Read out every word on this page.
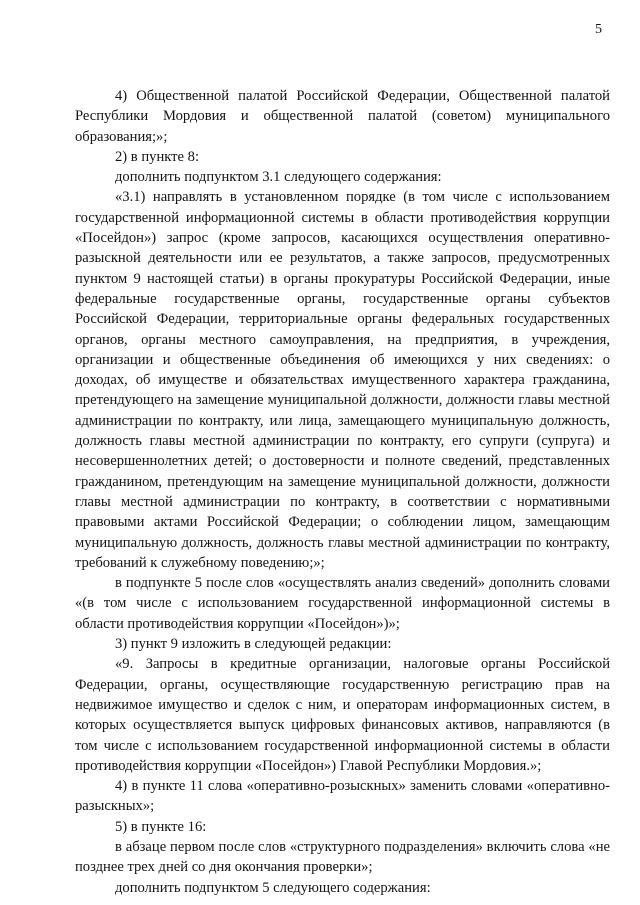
5

4) Общественной палатой Российской Федерации, Общественной палатой Республики Мордовия и общественной палатой (советом) муниципального образования;»;

2) в пункте 8:

дополнить подпунктом 3.1 следующего содержания:

«3.1) направлять в установленном порядке (в том числе с использованием государственной информационной системы в области противодействия коррупции «Посейдон») запрос (кроме запросов, касающихся осуществления оперативно-разыскной деятельности или ее результатов, а также запросов, предусмотренных пунктом 9 настоящей статьи) в органы прокуратуры Российской Федерации, иные федеральные государственные органы, государственные органы субъектов Российской Федерации, территориальные органы федеральных государственных органов, органы местного самоуправления, на предприятия, в учреждения, организации и общественные объединения об имеющихся у них сведениях: о доходах, об имуществе и обязательствах имущественного характера гражданина, претендующего на замещение муниципальной должности, должности главы местной администрации по контракту, или лица, замещающего муниципальную должность, должность главы местной администрации по контракту, его супруги (супруга) и несовершеннолетних детей; о достоверности и полноте сведений, представленных гражданином, претендующим на замещение муниципальной должности, должности главы местной администрации по контракту, в соответствии с нормативными правовыми актами Российской Федерации; о соблюдении лицом, замещающим муниципальную должность, должность главы местной администрации по контракту, требований к служебному поведению;»;

в подпункте 5 после слов «осуществлять анализ сведений» дополнить словами «(в том числе с использованием государственной информационной системы в области противодействия коррупции «Посейдон»)»;

3) пункт 9 изложить в следующей редакции:

«9. Запросы в кредитные организации, налоговые органы Российской Федерации, органы, осуществляющие государственную регистрацию прав на недвижимое имущество и сделок с ним, и операторам информационных систем, в которых осуществляется выпуск цифровых финансовых активов, направляются (в том числе с использованием государственной информационной системы в области противодействия коррупции «Посейдон») Главой Республики Мордовия.»;

4) в пункте 11 слова «оперативно-розыскных» заменить словами «оперативно-разыскных»;

5) в пункте 16:

в абзаце первом после слов «структурного подразделения» включить слова «не позднее трех дней со дня окончания проверки»;

дополнить подпунктом 5 следующего содержания:
